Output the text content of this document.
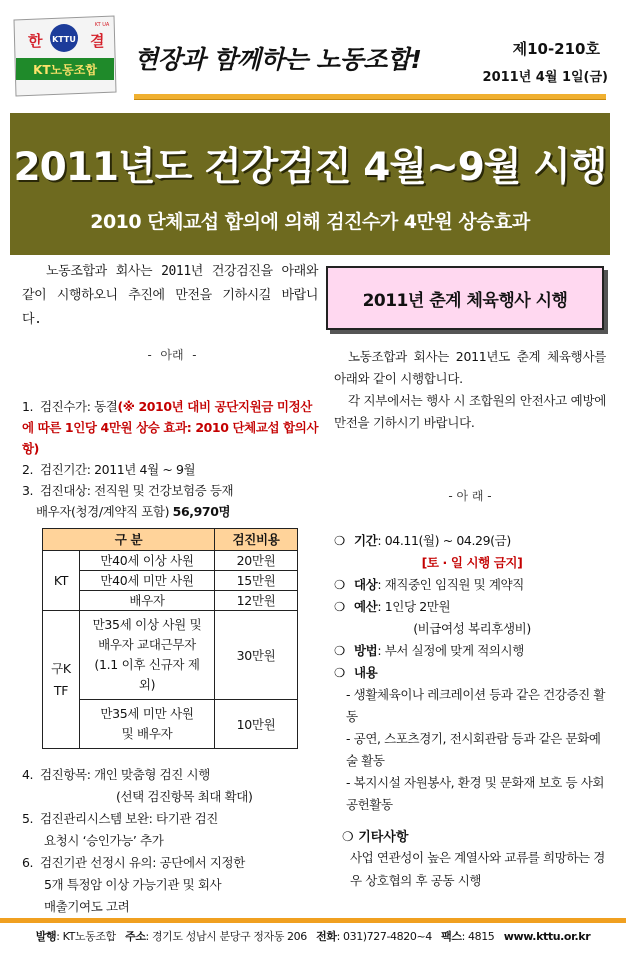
KTTU
한	결
KT노동조합
KT UA
현장과 함께하는 노동조합!	제10-210호
2011년 4월 1일(금)
2011년도 건강검진 4월~9월 시행
2010 단체교섭 합의에 의해 검진수가 4만원 상승효과
노동조합과 회사는 2011년 건강검진을 아래와 같이 시행하오니 추진에 만전을 기하시길 바랍니다.
- 아래 -
1. 검진수가: 동결(※ 2010년 대비 공단지원금 미정산에 따른 1인당 4만원 상승 효과: 2010 단체교섭 합의사항)
2. 검진기간: 2011년 4월 ~ 9월
3. 검진대상: 전직원 및 건강보험증 등재
배우자(청경/계약직 포함) 56,970명
구 분		검진비용
KT	만40세 이상 사원	20만원
	만40세 미만 사원	15만원
	배우자	12만원
구KTF	만35세 이상 사원 및 배우자 교대근무자(1.1 이후 신규자 제외)	30만원
	만35세 미만 사원 및 배우자	10만원
4. 검진항목: 개인 맞춤형 검진 시행
(선택 검진항목 최대 확대)
5. 검진관리시스템 보완: 타기관 검진
요청시 ‘승인가능’ 추가
6. 검진기관 선정시 유의: 공단에서 지정한
5개 특정암 이상 가능기관 및 회사
매출기여도 고려
2011년 춘계 체육행사 시행
노동조합과 회사는 2011년도 춘계 체육행사를 아래와 같이 시행합니다.
각 지부에서는 행사 시 조합원의 안전사고 예방에 만전을 기하시기 바랍니다.
- 아 래 -
❍ 기간: 04.11(월) ~ 04.29(금)
[토 · 일 시행 금지]
❍ 대상: 재직중인 임직원 및 계약직
❍ 예산: 1인당 2만원
(비급여성 복리후생비)
❍ 방법: 부서 실정에 맞게 적의시행
❍ 내용
- 생활체육이나 레크레이션 등과 같은 건강증진 활동
- 공연, 스포츠경기, 전시회관람 등과 같은 문화예술 활동
- 복지시설 자원봉사, 환경 및 문화재 보호 등 사회공헌활동
❍ 기타사항
사업 연관성이 높은 계열사와 교류를 희망하는 경우 상호협의 후 공동 시행
발행: KT노동조합 주소: 경기도 성남시 분당구 정자동 206 전화: 031)727-4820~4 팩스: 4815 www.kttu.or.kr
